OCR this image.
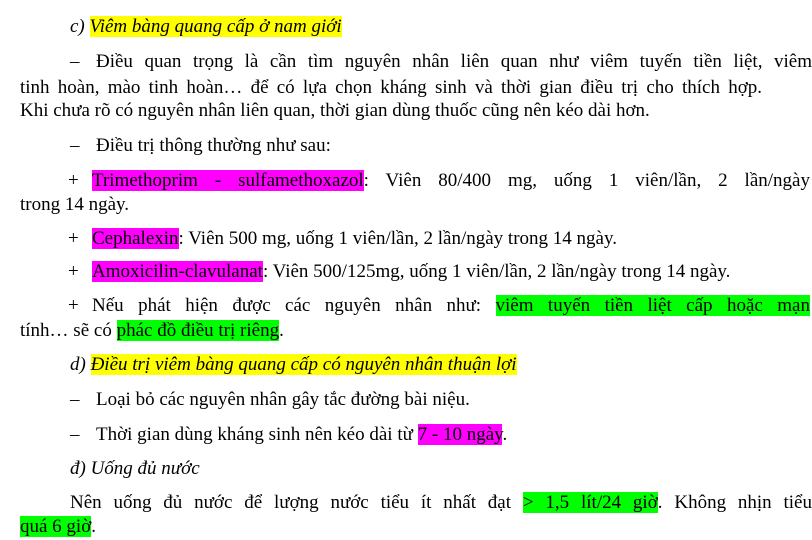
c) Viêm bàng quang cấp ở nam giới
– Điều quan trọng là cần tìm nguyên nhân liên quan như viêm tuyến tiền liệt, viêm
tinh hoàn, mào tinh hoàn… để có lựa chọn kháng sinh và thời gian điều trị cho thích hợp.
Khi chưa rõ có nguyên nhân liên quan, thời gian dùng thuốc cũng nên kéo dài hơn.
– Điều trị thông thường như sau:
+ Trimethoprim - sulfamethoxazol: Viên 80/400 mg, uống 1 viên/lần, 2 lần/ngày
trong 14 ngày.
+ Cephalexin: Viên 500 mg, uống 1 viên/lần, 2 lần/ngày trong 14 ngày.
+ Amoxicilin-clavulanat: Viên 500/125mg, uống 1 viên/lần, 2 lần/ngày trong 14 ngày.
+ Nếu phát hiện được các nguyên nhân như: viêm tuyến tiền liệt cấp hoặc mạn
tính… sẽ có phác đồ điều trị riêng.
d) Điều trị viêm bàng quang cấp có nguyên nhân thuận lợi
– Loại bỏ các nguyên nhân gây tắc đường bài niệu.
– Thời gian dùng kháng sinh nên kéo dài từ 7 - 10 ngày.
đ) Uống đủ nước
Nên uống đủ nước để lượng nước tiểu ít nhất đạt > 1,5 lít/24 giờ. Không nhịn tiểu
quá 6 giờ.
